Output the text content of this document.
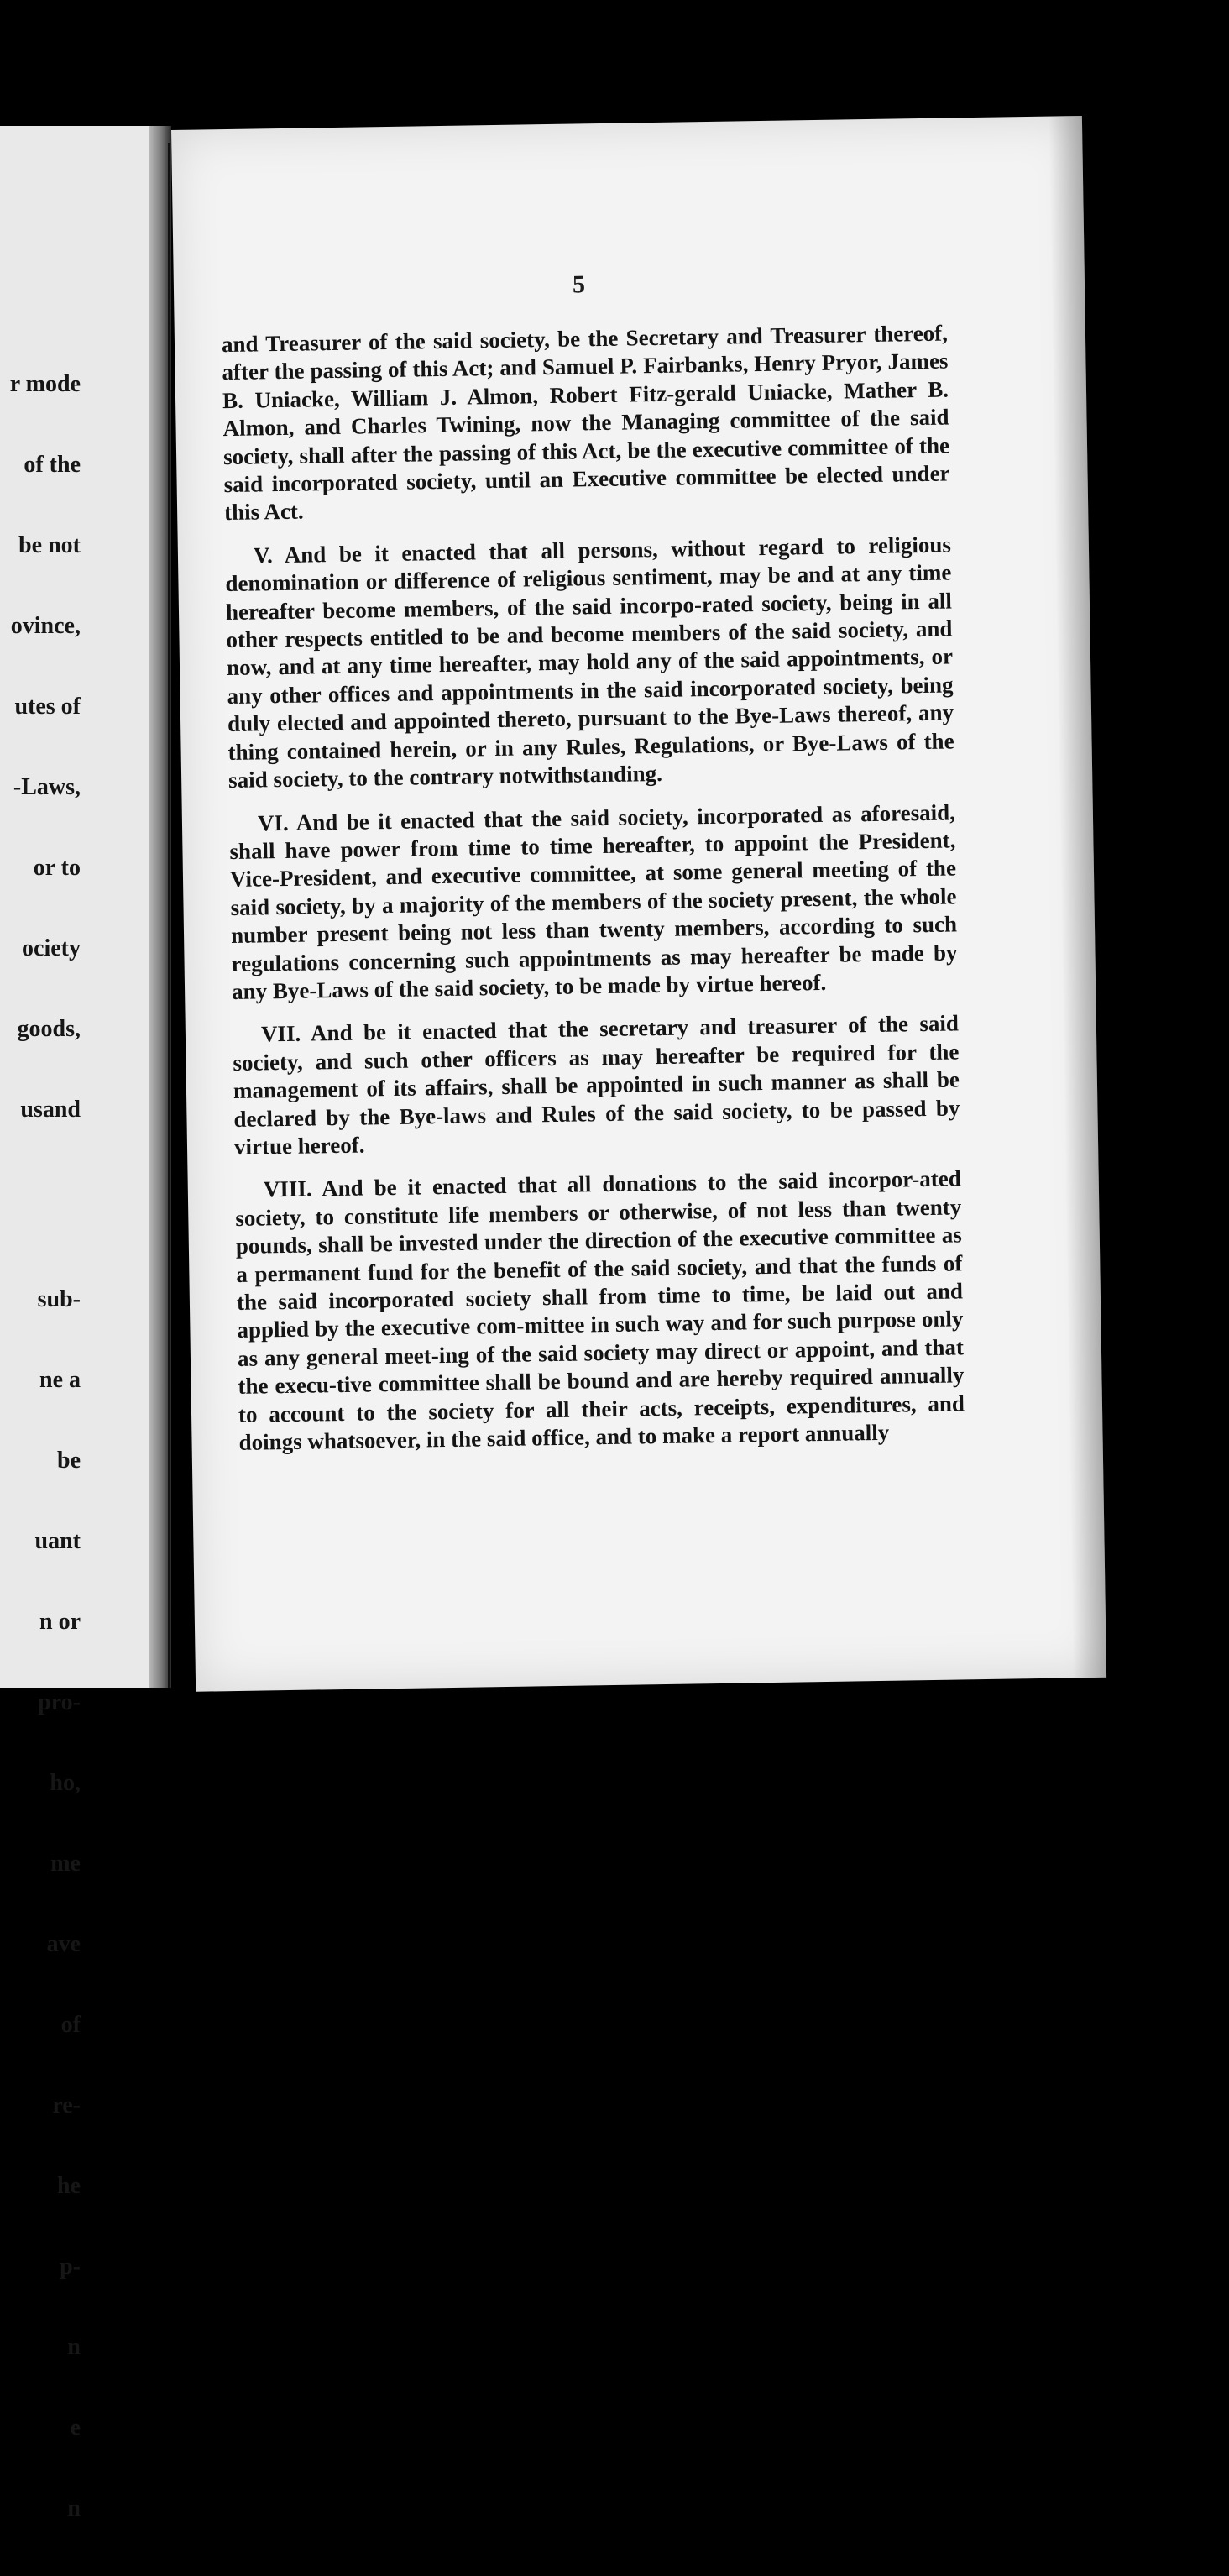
r mode

of the

be not

ovince,

utes of

-Laws,

or to

ociety

goods,

usand

sub-

ne a

be

uant

n or

pro-

ho,

me

ave

of

re-

he

p-

n

e

n

5

and Treasurer of the said society, be the Secretary and Treasurer thereof, after the passing of this Act; and Samuel P. Fairbanks, Henry Pryor, James B. Uniacke, William J. Almon, Robert Fitz-gerald Uniacke, Mather B. Almon, and Charles Twining, now the Managing committee of the said society, shall after the passing of this Act, be the executive committee of the said incorporated society, until an Executive committee be elected under this Act.

V. And be it enacted that all persons, without regard to religious denomination or difference of religious sentiment, may be and at any time hereafter become members, of the said incorpo-rated society, being in all other respects entitled to be and become members of the said society, and now, and at any time hereafter, may hold any of the said appointments, or any other offices and appointments in the said incorporated society, being duly elected and appointed thereto, pursuant to the Bye-Laws thereof, any thing contained herein, or in any Rules, Regulations, or Bye-Laws of the said society, to the contrary notwithstanding.

VI. And be it enacted that the said society, incorporated as aforesaid, shall have power from time to time hereafter, to appoint the President, Vice-President, and executive committee, at some general meeting of the said society, by a majority of the members of the society present, the whole number present being not less than twenty members, according to such regulations concerning such appointments as may hereafter be made by any Bye-Laws of the said society, to be made by virtue hereof.

VII. And be it enacted that the secretary and treasurer of the said society, and such other officers as may hereafter be required for the management of its affairs, shall be appointed in such manner as shall be declared by the Bye-laws and Rules of the said society, to be passed by virtue hereof.

VIII. And be it enacted that all donations to the said incorpor-ated society, to constitute life members or otherwise, of not less than twenty pounds, shall be invested under the direction of the executive committee as a permanent fund for the benefit of the said society, and that the funds of the said incorporated society shall from time to time, be laid out and applied by the executive com-mittee in such way and for such purpose only as any general meet-ing of the said society may direct or appoint, and that the execu-tive committee shall be bound and are hereby required annually to account to the society for all their acts, receipts, expenditures, and doings whatsoever, in the said office, and to make a report annually
